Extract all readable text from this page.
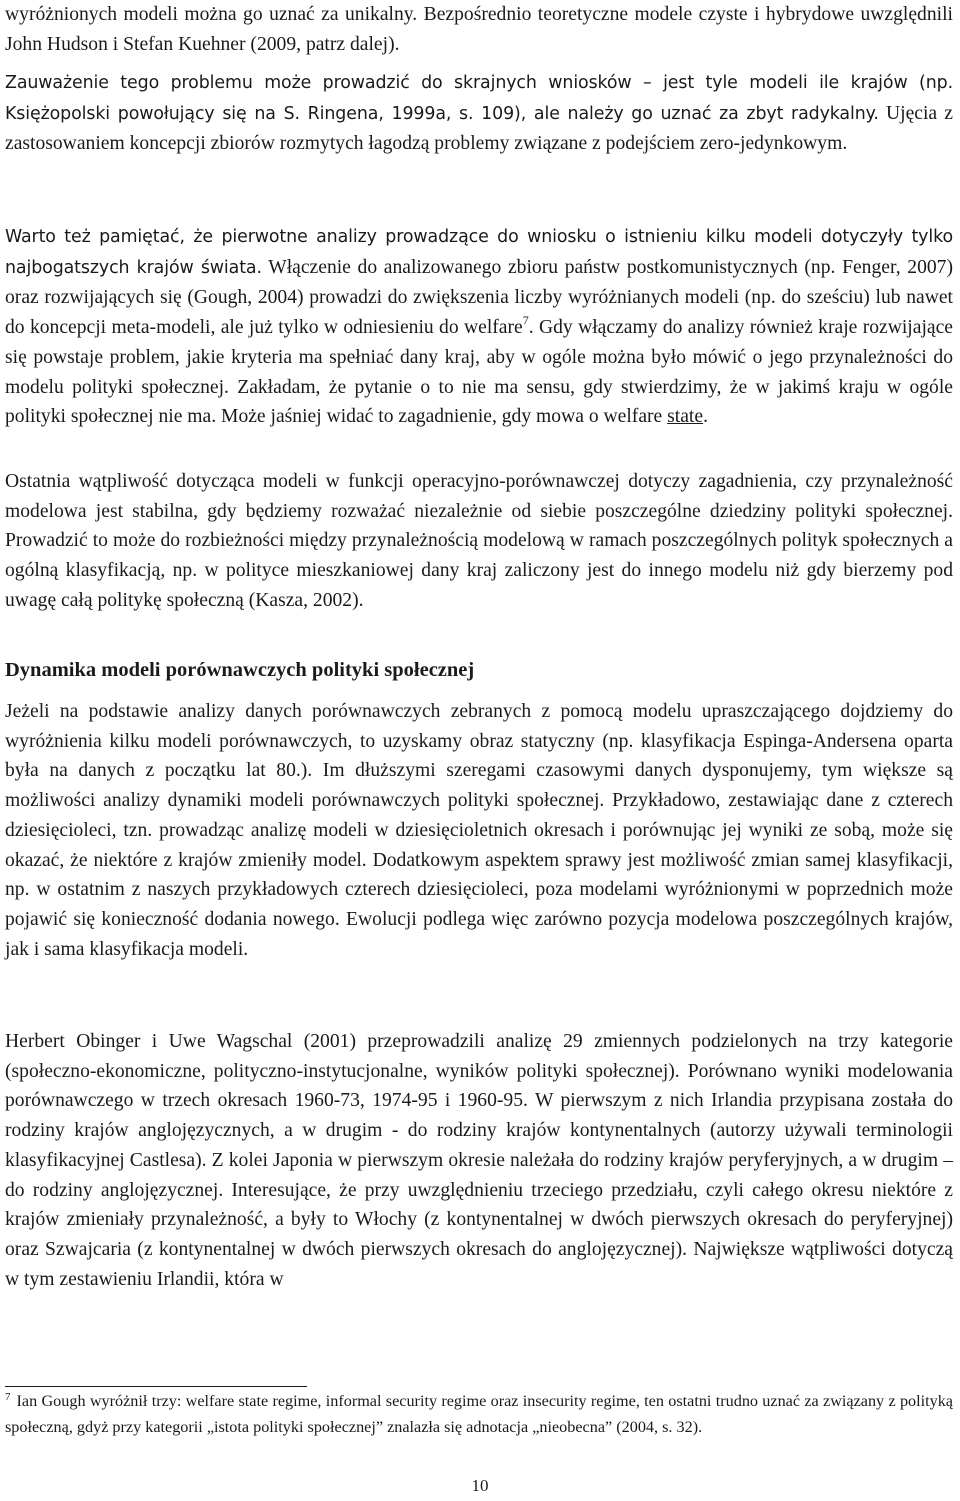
wyróżnionych modeli można go uznać za unikalny. Bezpośrednio teoretyczne modele czyste i hybrydowe uwzględnili John Hudson i Stefan Kuehner (2009, patrz dalej).

Zauważenie tego problemu może prowadzić do skrajnych wniosków – jest tyle modeli ile krajów (np. Księżopolski powołujący się na S. Ringena, 1999a, s. 109), ale należy go uznać za zbyt radykalny. Ujęcia z zastosowaniem koncepcji zbiorów rozmytych łagodzą problemy związane z podejściem zero-jedynkowym.

Warto też pamiętać, że pierwotne analizy prowadzące do wniosku o istnieniu kilku modeli dotyczyły tylko najbogatszych krajów świata. Włączenie do analizowanego zbioru państw postkomunistycznych (np. Fenger, 2007) oraz rozwijających się (Gough, 2004) prowadzi do zwiększenia liczby wyróżnianych modeli (np. do sześciu) lub nawet do koncepcji meta-modeli, ale już tylko w odniesieniu do welfare$^7$. Gdy włączamy do analizy również kraje rozwijające się powstaje problem, jakie kryteria ma spełniać dany kraj, aby w ogóle można było mówić o jego przynależności do modelu polityki społecznej. Zakładam, że pytanie o to nie ma sensu, gdy stwierdzimy, że w jakimś kraju w ogóle polityki społecznej nie ma. Może jaśniej widać to zagadnienie, gdy mowa o welfare state.

Ostatnia wątpliwość dotycząca modeli w funkcji operacyjno-porównawczej dotyczy zagadnienia, czy przynależność modelowa jest stabilna, gdy będziemy rozważać niezależnie od siebie poszczególne dziedziny polityki społecznej. Prowadzić to może do rozbieżności między przynależnością modelową w ramach poszczególnych polityk społecznych a ogólną klasyfikacją, np. w polityce mieszkaniowej dany kraj zaliczony jest do innego modelu niż gdy bierzemy pod uwagę całą politykę społeczną (Kasza, 2002).

Dynamika modeli porównawczych polityki społecznej

Jeżeli na podstawie analizy danych porównawczych zebranych z pomocą modelu upraszczającego dojdziemy do wyróżnienia kilku modeli porównawczych, to uzyskamy obraz statyczny (np. klasyfikacja Espinga-Andersena oparta była na danych z początku lat 80.). Im dłuższymi szeregami czasowymi danych dysponujemy, tym większe są możliwości analizy dynamiki modeli porównawczych polityki społecznej. Przykładowo, zestawiając dane z czterech dziesięcioleci, tzn. prowadząc analizę modeli w dziesięcioletnich okresach i porównując jej wyniki ze sobą, może się okazać, że niektóre z krajów zmieniły model. Dodatkowym aspektem sprawy jest możliwość zmian samej klasyfikacji, np. w ostatnim z naszych przykładowych czterech dziesięcioleci, poza modelami wyróżnionymi w poprzednich może pojawić się konieczność dodania nowego. Ewolucji podlega więc zarówno pozycja modelowa poszczególnych krajów, jak i sama klasyfikacja modeli.

Herbert Obinger i Uwe Wagschal (2001) przeprowadzili analizę 29 zmiennych podzielonych na trzy kategorie (społeczno-ekonomiczne, polityczno-instytucjonalne, wyników polityki społecznej). Porównano wyniki modelowania porównawczego w trzech okresach 1960-73, 1974-95 i 1960-95. W pierwszym z nich Irlandia przypisana została do rodziny krajów anglojęzycznych, a w drugim - do rodziny krajów kontynentalnych (autorzy używali terminologii klasyfikacyjnej Castlesa). Z kolei Japonia w pierwszym okresie należała do rodziny krajów peryferyjnych, a w drugim – do rodziny anglojęzycznej. Interesujące, że przy uwzględnieniu trzeciego przedziału, czyli całego okresu niektóre z krajów zmieniały przynależność, a były to Włochy (z kontynentalnej w dwóch pierwszych okresach do peryferyjnej) oraz Szwajcaria (z kontynentalnej w dwóch pierwszych okresach do anglojęzycznej). Największe wątpliwości dotyczą w tym zestawieniu Irlandii, która w

$^7$ Ian Gough wyróżnił trzy: welfare state regime, informal security regime oraz insecurity regime, ten ostatni trudno uznać za związany z polityką społeczną, gdyż przy kategorii „istota polityki społecznej” znalazła się adnotacja „nieobecna” (2004, s. 32).
10
